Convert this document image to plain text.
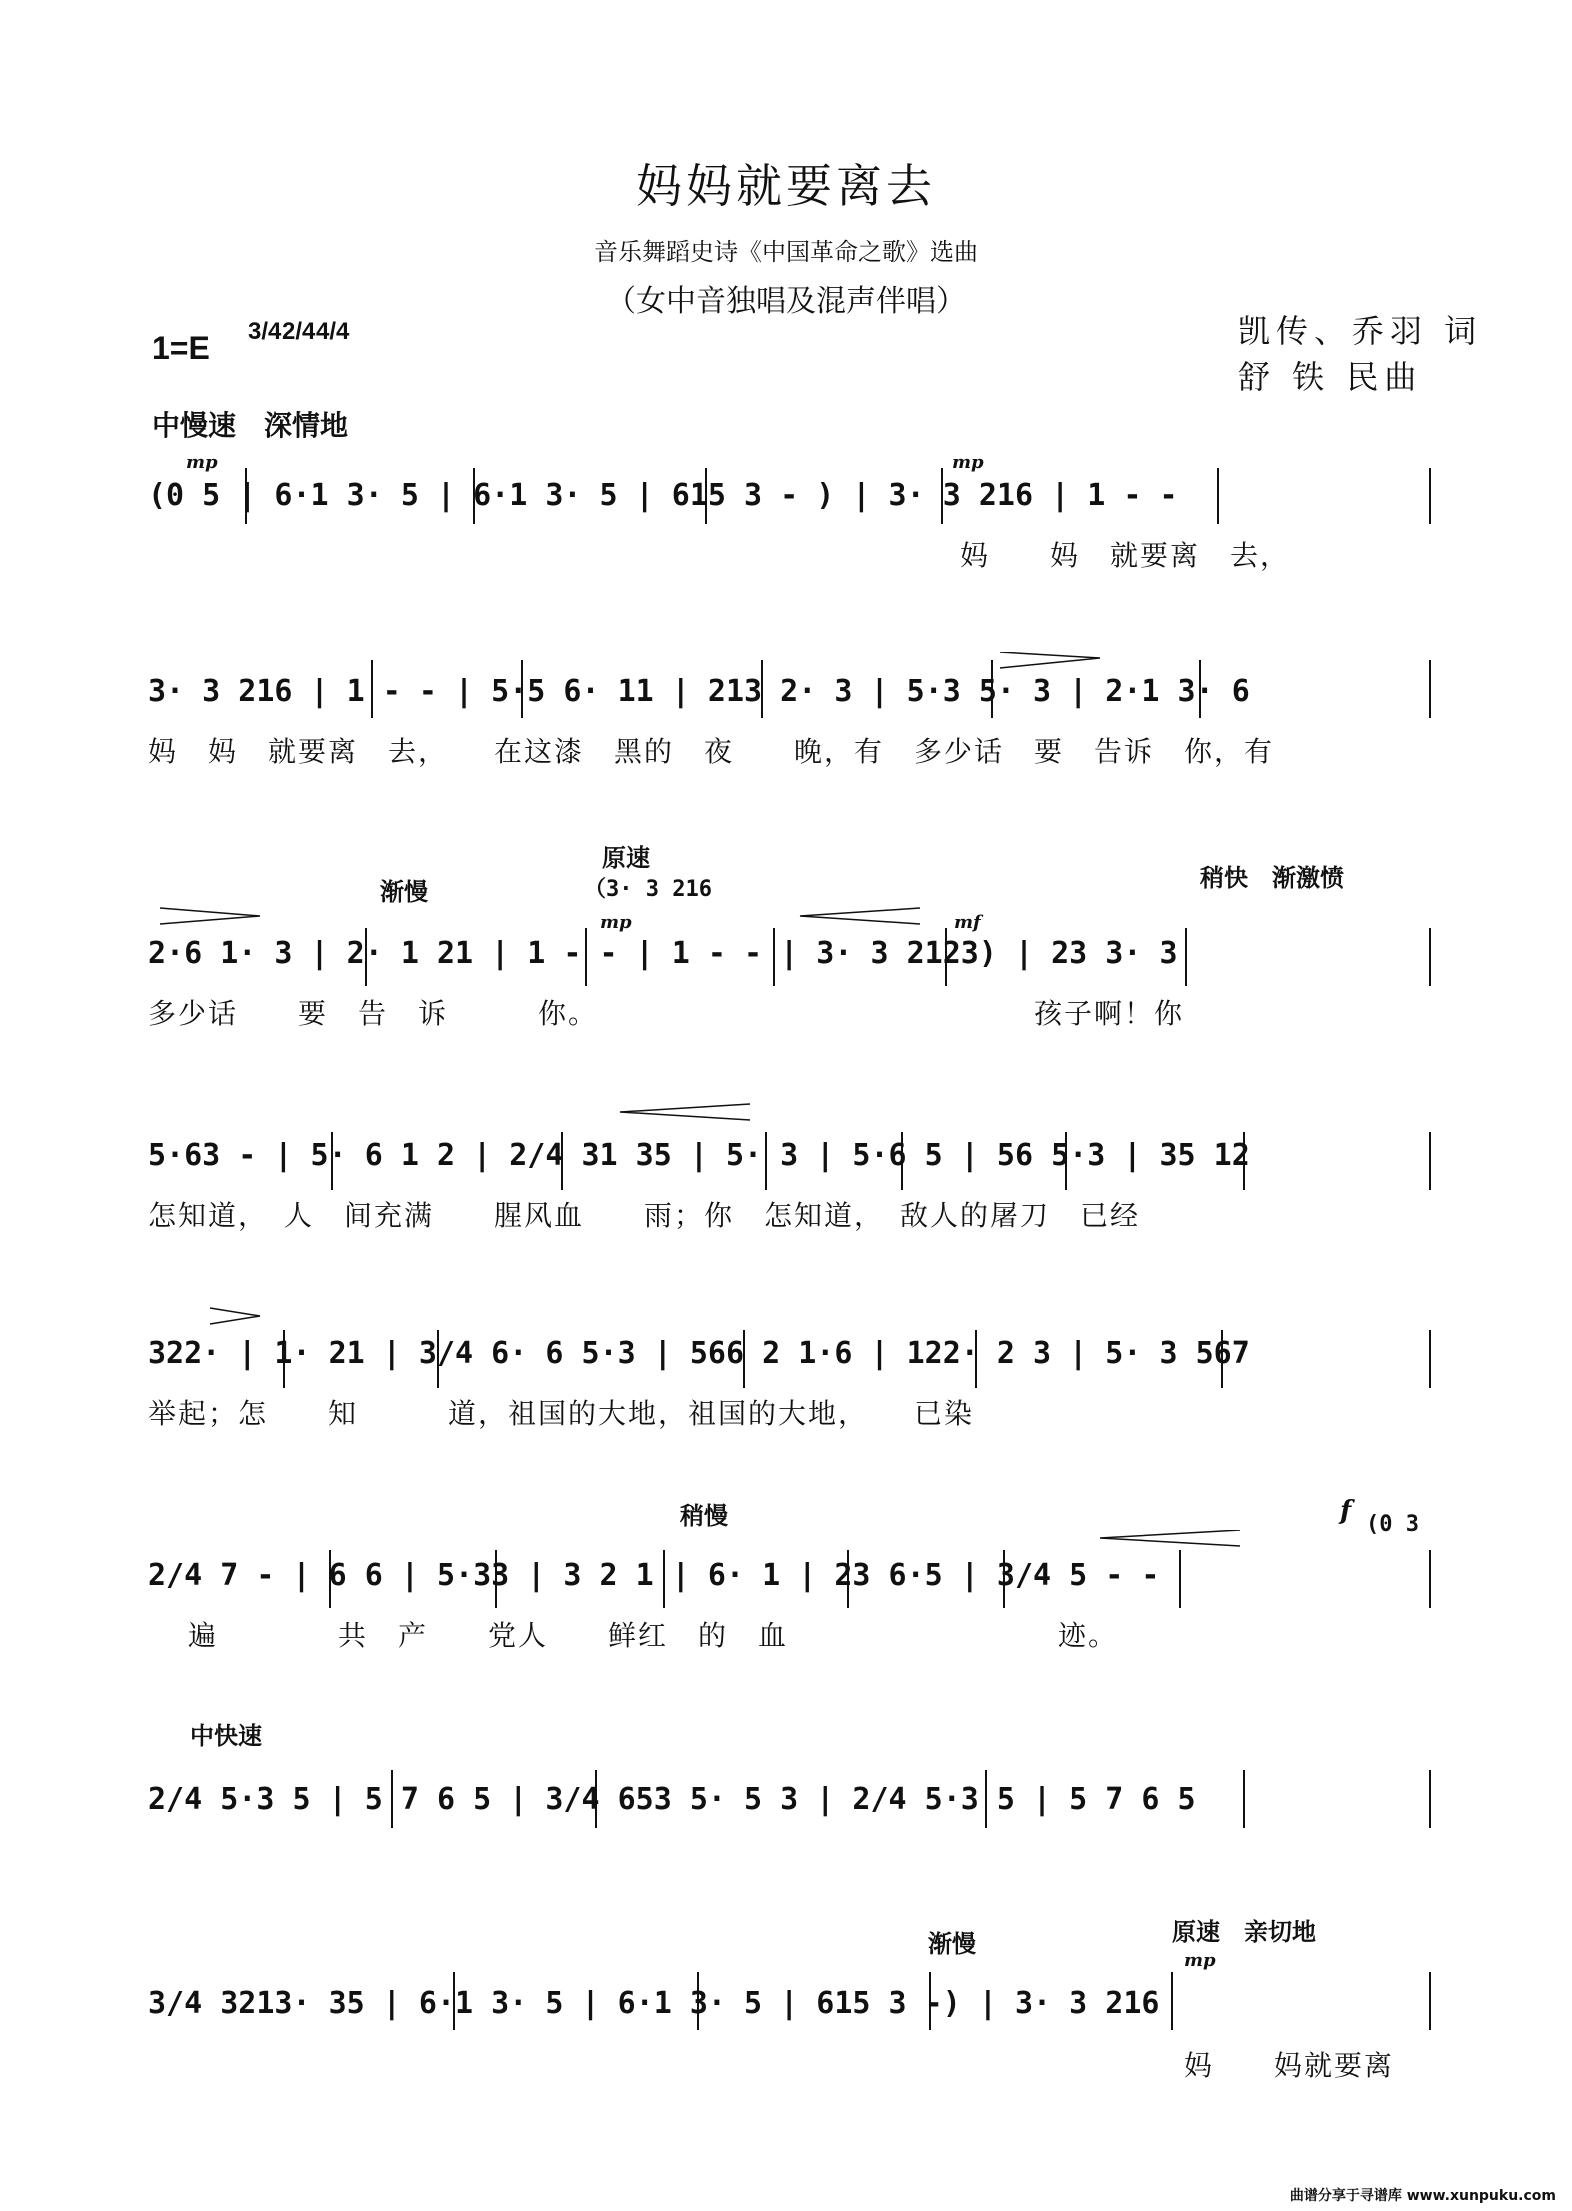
妈妈就要离去
音乐舞蹈史诗《中国革命之歌》选曲
（女中音独唱及混声伴唱）
凯传、乔羽 词
舒 铁 民曲
1=E 3/4 2/4 4/4
中慢速　深情地
mp	mp
(0 5 | 6·1 3· 5 | 6·1 3· 5 | 615 3 - ) | 3· 3 216 | 1 - -
妈　　妈　就要离　去，
3· 3 216 | 1 - - | 5·5 6· 11 | 213 2· 3 | 5·3 5· 3 | 2·1 3· 6
妈　妈　就要离　去，　　在这漆　黑的　夜　　晚，有　多少话　要　告诉　你，有
渐慢
原速
稍快　渐激愤
（3· 3 216
mp	mf
2·6 1· 3 | 2· 1 21 | 1 - - | 1 - - | 3· 3 2123) | 23 3· 3
多少话　　要　告　诉　　　你。　　　　　　　　　　　　　　　孩子啊！你
5·63 - | 5· 6 1 2 | 2/4 31 35 | 5· 3 | 5·6 5 | 56 5·3 | 35 12
怎知道，　人　间充满　　腥风血　　雨；你　怎知道，　敌人的屠刀　已经
322· | 1· 21 | 3/4 6· 6 5·3 | 566 2 1·6 | 122· 2 3 | 5· 3 567
举起；怎　　知　　　道，祖国的大地，祖国的大地，　　已染
稍慢	f (0 3
2/4 7 - | 6 6 | 5·33 | 3 2 1 | 6· 1 | 23 6·5 | 3/4 5 - -
遍　　　　共　产　　党人　　鲜红　的　血　　　　　　　　　迹。
中快速
2/4 5·3 5 | 5 7 6 5 | 3/4 653 5· 5 3 | 2/4 5·3 5 | 5 7 6 5
渐慢	原速　亲切地
mp
3/4 3213· 35 | 6·1 3· 5 | 6·1 3· 5 | 615 3 -) | 3· 3 216
妈　　妈就要离
曲谱分享于寻谱库 www.xunpuku.com
